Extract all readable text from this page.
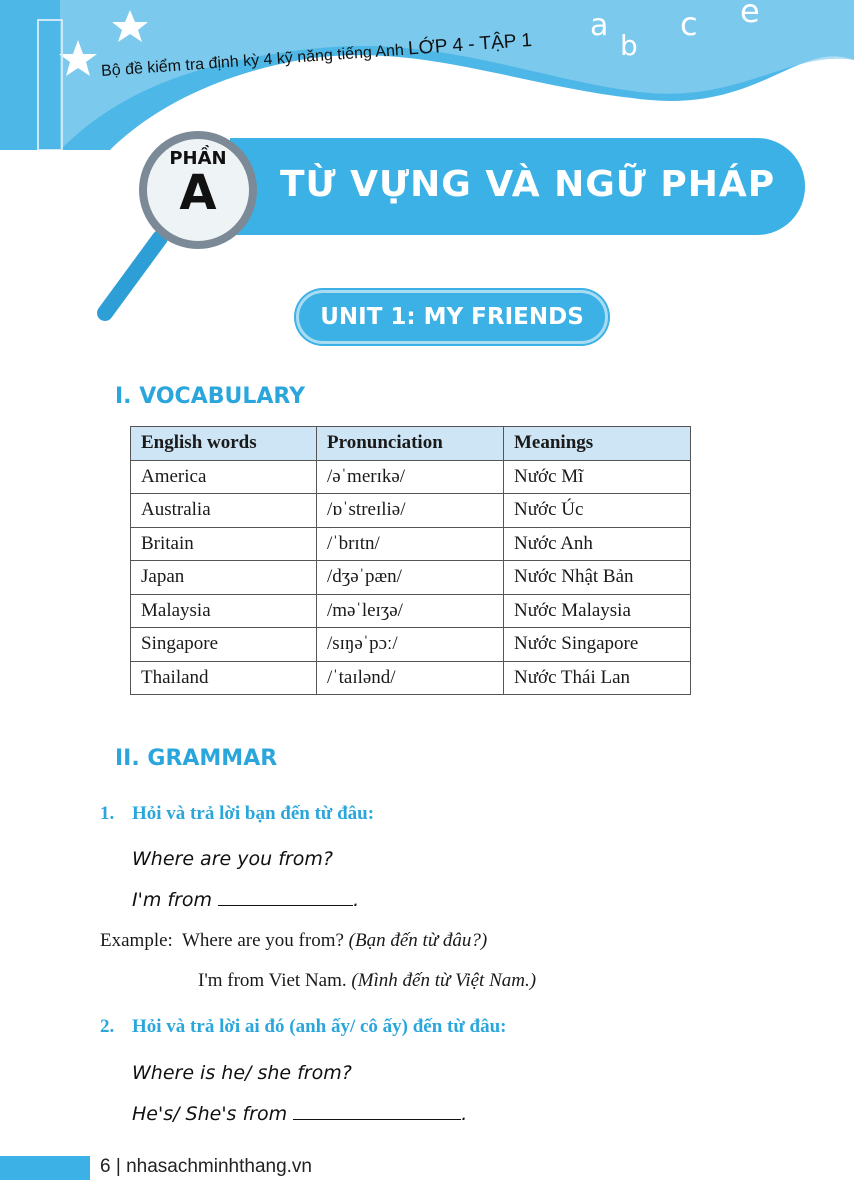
a
b
c e
Bộ đề kiểm tra định kỳ 4 kỹ năng tiếng Anh LỚP 4 - TẬP 1
TỪ VỰNG VÀ NGỮ PHÁP
PHẦN
A
UNIT 1: MY FRIENDS
I. VOCABULARY
English words	Pronunciation	Meanings
America	/əˈmerɪkə/	Nước Mĩ
Australia	/ɒˈstreɪliə/	Nước Úc
Britain	/ˈbrɪtn/	Nước Anh
Japan	/dʒəˈpæn/	Nước Nhật Bản
Malaysia	/məˈleɪʒə/	Nước Malaysia
Singapore	/sɪŋəˈpɔː/	Nước Singapore
Thailand	/ˈtaɪlənd/	Nước Thái Lan
II. GRAMMAR
1. Hỏi và trả lời bạn đến từ đâu:
Where are you from?
I'm from	.
Example: Where are you from? (Bạn đến từ đâu?)
I'm from Viet Nam. (Mình đến từ Việt Nam.)
2. Hỏi và trả lời ai đó (anh ấy/ cô ấy) đến từ đâu:
Where is he/ she from?
He's/ She's from	.
6 | nhasachminhthang.vn
